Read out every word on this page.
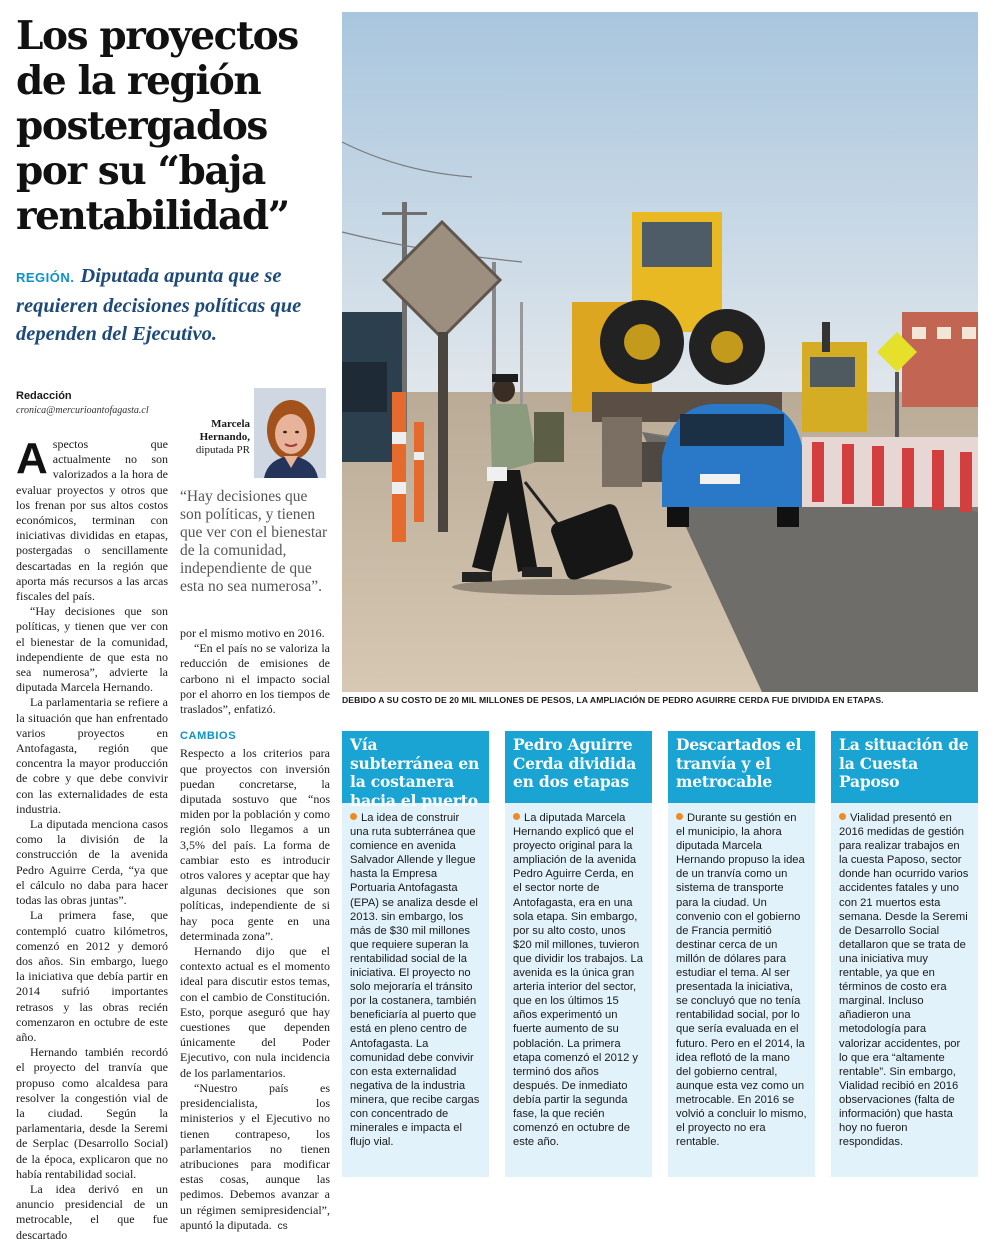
Los proyectos de la región postergados por su “baja rentabilidad”
REGIÓN. Diputada apunta que se requieren decisiones políticas que dependen del Ejecutivo.
Redacción
cronica@mercurioantofagasta.cl
Marcela Hernando,
diputada PR
“Hay decisiones que son políticas, y tienen que ver con el bienestar de la comunidad, independiente de que esta no sea numerosa”.

Aspectos que actualmente no son valorizados a la hora de evaluar proyectos y otros que los frenan por sus altos costos económicos, terminan con iniciativas divididas en etapas, postergadas o sencillamente descartadas en la región que aporta más recursos a las arcas fiscales del país.

“Hay decisiones que son políticas, y tienen que ver con el bienestar de la comunidad, independiente de que esta no sea numerosa”, advierte la diputada Marcela Hernando.

La parlamentaria se refiere a la situación que han enfrentado varios proyectos en Antofagasta, región que concentra la mayor producción de cobre y que debe convivir con las externalidades de esta industria.

La diputada menciona casos como la división de la construcción de la avenida Pedro Aguirre Cerda, “ya que el cálculo no daba para hacer todas las obras juntas”.

La primera fase, que contempló cuatro kilómetros, comenzó en 2012 y demoró dos años. Sin embargo, luego la iniciativa que debía partir en 2014 sufrió importantes retrasos y las obras recién comenzaron en octubre de este año.

Hernando también recordó el proyecto del tranvía que propuso como alcaldesa para resolver la congestión vial de la ciudad. Según la parlamentaria, desde la Seremi de Serplac (Desarrollo Social) de la época, explicaron que no había rentabilidad social.

La idea derivó en un anuncio presidencial de un metrocable, el que fue descartado

por el mismo motivo en 2016.

“En el país no se valoriza la reducción de emisiones de carbono ni el impacto social por el ahorro en los tiempos de traslados”, enfatizó.

CAMBIOS

Respecto a los criterios para que proyectos con inversión puedan concretarse, la diputada sostuvo que “nos miden por la población y como región solo llegamos a un 3,5% del país. La forma de cambiar esto es introducir otros valores y aceptar que hay algunas decisiones que son políticas, independiente de si hay poca gente en una determinada zona”.

Hernando dijo que el contexto actual es el momento ideal para discutir estos temas, con el cambio de Constitución. Esto, porque aseguró que hay cuestiones que dependen únicamente del Poder Ejecutivo, con nula incidencia de los parlamentarios.

“Nuestro país es presidencialista, los ministerios y el Ejecutivo no tienen contrapeso, los parlamentarios no tienen atribuciones para modificar estas cosas, aunque las pedimos. Debemos avanzar a un régimen semipresidencial”, apuntó la diputada. cs

DEBIDO A SU COSTO DE 20 MIL MILLONES DE PESOS, LA AMPLIACIÓN DE PEDRO AGUIRRE CERDA FUE DIVIDIDA EN ETAPAS.
Vía subterránea en la costanera hacia el puerto
La idea de construir una ruta subterránea que comience en avenida Salvador Allende y llegue hasta la Empresa Portuaria Antofagasta (EPA) se analiza desde el 2013. sin embargo, los más de $30 mil millones que requiere superan la rentabilidad social de la iniciativa. El proyecto no solo mejoraría el tránsito por la costanera, también beneficiaría al puerto que está en pleno centro de Antofagasta. La comunidad debe convivir con esta externalidad negativa de la industria minera, que recibe cargas con concentrado de minerales e impacta el flujo vial.
Pedro Aguirre Cerda dividida en dos etapas
La diputada Marcela Hernando explicó que el proyecto original para la ampliación de la avenida Pedro Aguirre Cerda, en el sector norte de Antofagasta, era en una sola etapa. Sin embargo, por su alto costo, unos $20 mil millones, tuvieron que dividir los trabajos. La avenida es la única gran arteria interior del sector, que en los últimos 15 años experimentó un fuerte aumento de su población. La primera etapa comenzó el 2012 y terminó dos años después. De inmediato debía partir la segunda fase, la que recién comenzó en octubre de este año.
Descartados el tranvía y el metrocable
Durante su gestión en el municipio, la ahora diputada Marcela Hernando propuso la idea de un tranvía como un sistema de transporte para la ciudad. Un convenio con el gobierno de Francia permitió destinar cerca de un millón de dólares para estudiar el tema. Al ser presentada la iniciativa, se concluyó que no tenía rentabilidad social, por lo que sería evaluada en el futuro. Pero en el 2014, la idea reflotó de la mano del gobierno central, aunque esta vez como un metrocable. En 2016 se volvió a concluir lo mismo, el proyecto no era rentable.
La situación de la Cuesta Paposo
Vialidad presentó en 2016 medidas de gestión para realizar trabajos en la cuesta Paposo, sector donde han ocurrido varios accidentes fatales y uno con 21 muertos esta semana. Desde la Seremi de Desarrollo Social detallaron que se trata de una iniciativa muy rentable, ya que en términos de costo era marginal. Incluso añadieron una metodología para valorizar accidentes, por lo que era “altamente rentable”. Sin embargo, Vialidad recibió en 2016 observaciones (falta de información) que hasta hoy no fueron respondidas.
